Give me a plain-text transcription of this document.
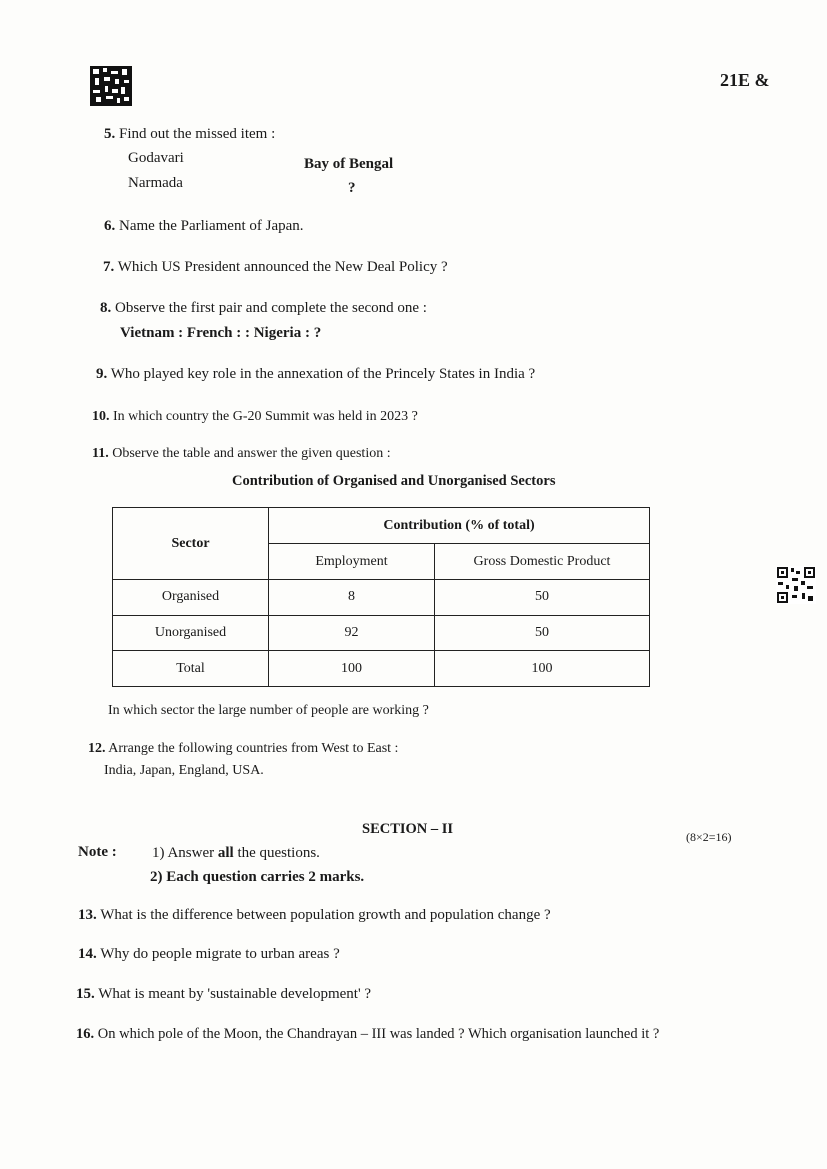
21E &
5. Find out the missed item :
Godavari	Bay of Bengal
Narmada	?
6. Name the Parliament of Japan.
7. Which US President announced the New Deal Policy ?
8. Observe the first pair and complete the second one :
Vietnam : French : : Nigeria : ?
9. Who played key role in the annexation of the Princely States in India ?
10. In which country the G-20 Summit was held in 2023 ?
11. Observe the table and answer the given question :
Contribution of Organised and Unorganised Sectors
Sector	Contribution (% of total)	
	Employment	Gross Domestic Product
Organised	8	50
Unorganised	92	50
Total	100	100
In which sector the large number of people are working ?
12. Arrange the following countries from West to East :
India, Japan, England, USA.
SECTION – II	(8×2=16)
Note : 1) Answer all the questions.
2) Each question carries 2 marks.
13. What is the difference between population growth and population change ?
14. Why do people migrate to urban areas ?
15. What is meant by 'sustainable development' ?
16. On which pole of the Moon, the Chandrayan – III was landed ? Which organisation launched it ?
